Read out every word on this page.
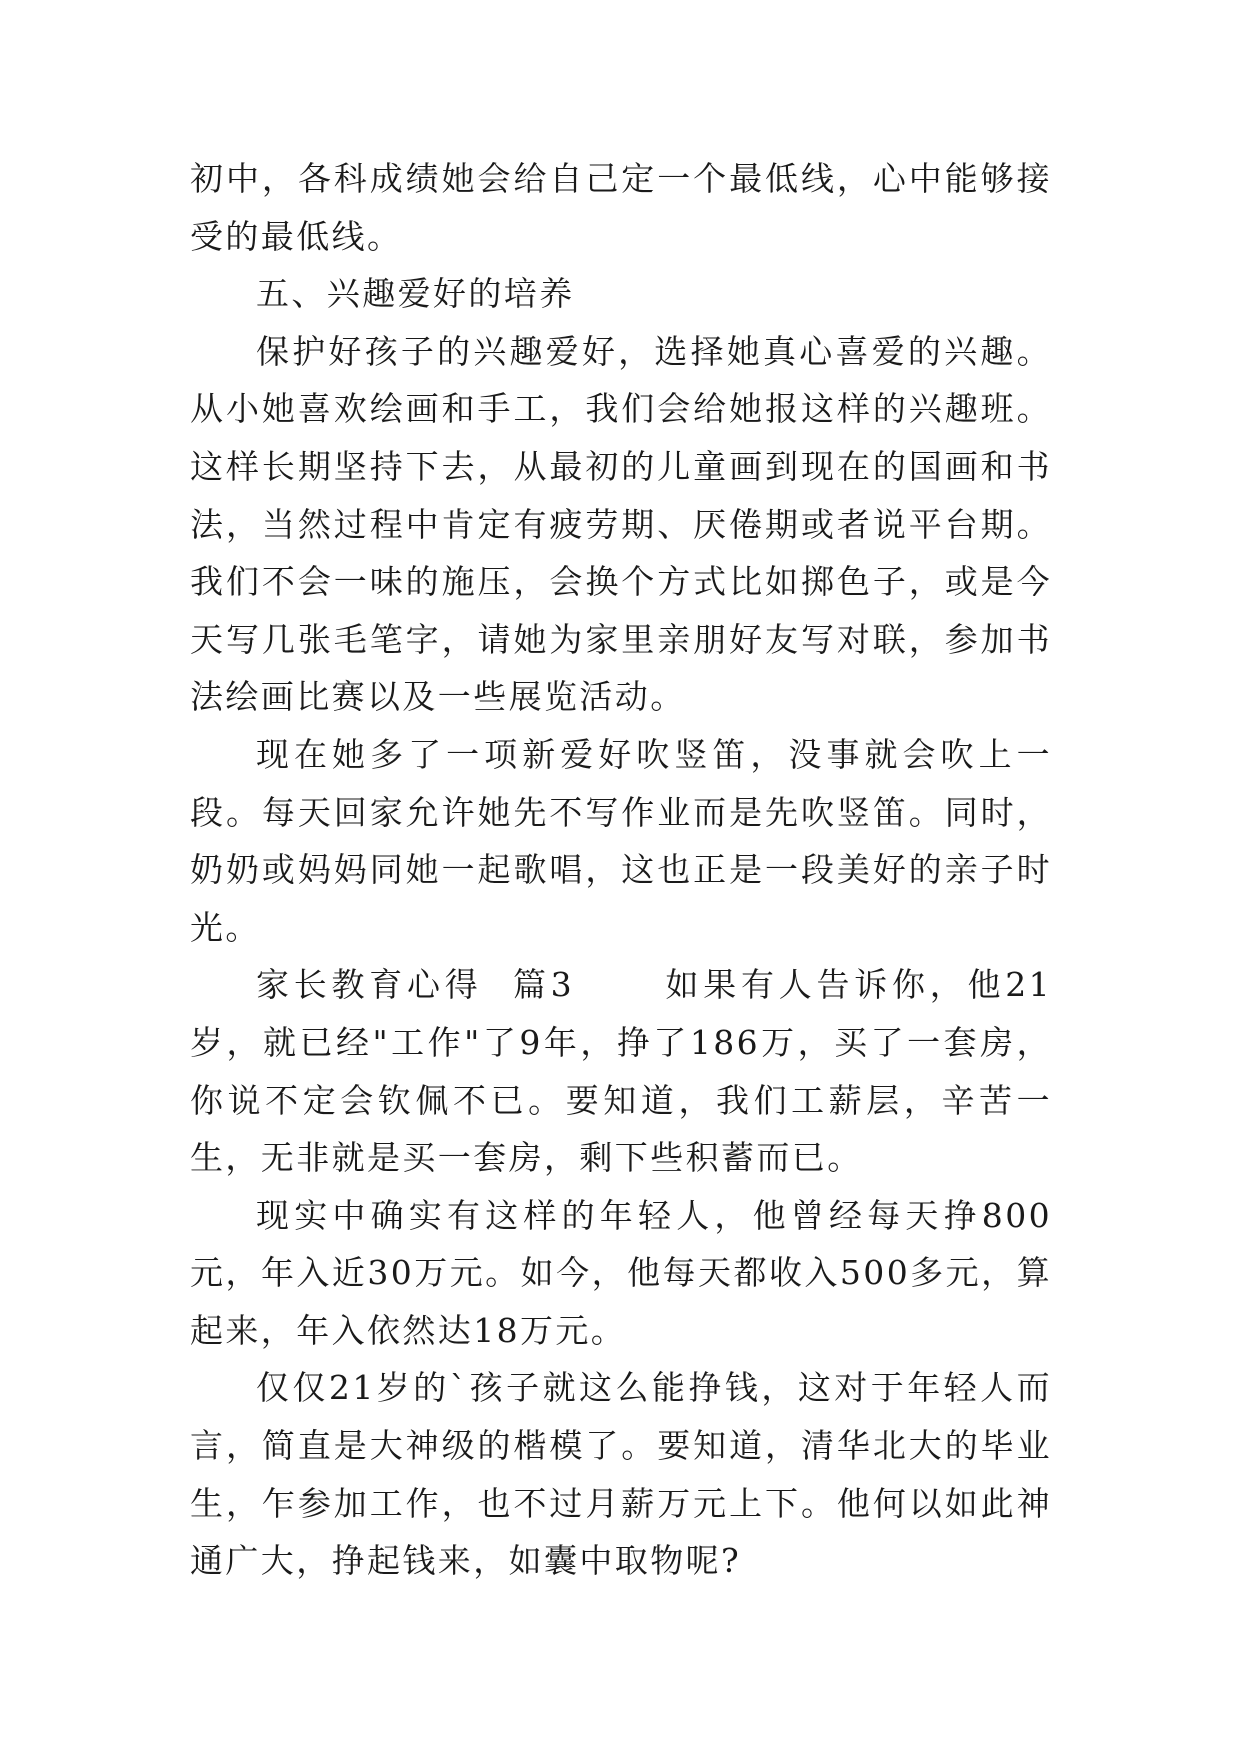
初中，各科成绩她会给自己定一个最低线，心中能够接受的最低线。

五、兴趣爱好的培养

保护好孩子的兴趣爱好，选择她真心喜爱的兴趣。从小她喜欢绘画和手工，我们会给她报这样的兴趣班。这样长期坚持下去，从最初的儿童画到现在的国画和书法，当然过程中肯定有疲劳期、厌倦期或者说平台期。我们不会一味的施压，会换个方式比如掷色子，或是今天写几张毛笔字，请她为家里亲朋好友写对联，参加书法绘画比赛以及一些展览活动。

现在她多了一项新爱好吹竖笛，没事就会吹上一段。每天回家允许她先不写作业而是先吹竖笛。同时，奶奶或妈妈同她一起歌唱，这也正是一段美好的亲子时光。

家长教育心得  篇3      如果有人告诉你，他21岁，就已经"工作"了9年，挣了186万，买了一套房，你说不定会钦佩不已。要知道，我们工薪层，辛苦一生，无非就是买一套房，剩下些积蓄而已。

现实中确实有这样的年轻人，他曾经每天挣800元，年入近30万元。如今，他每天都收入500多元，算起来，年入依然达18万元。

仅仅21岁的`孩子就这么能挣钱，这对于年轻人而言，简直是大神级的楷模了。要知道，清华北大的毕业生，乍参加工作，也不过月薪万元上下。他何以如此神通广大，挣起钱来，如囊中取物呢?
